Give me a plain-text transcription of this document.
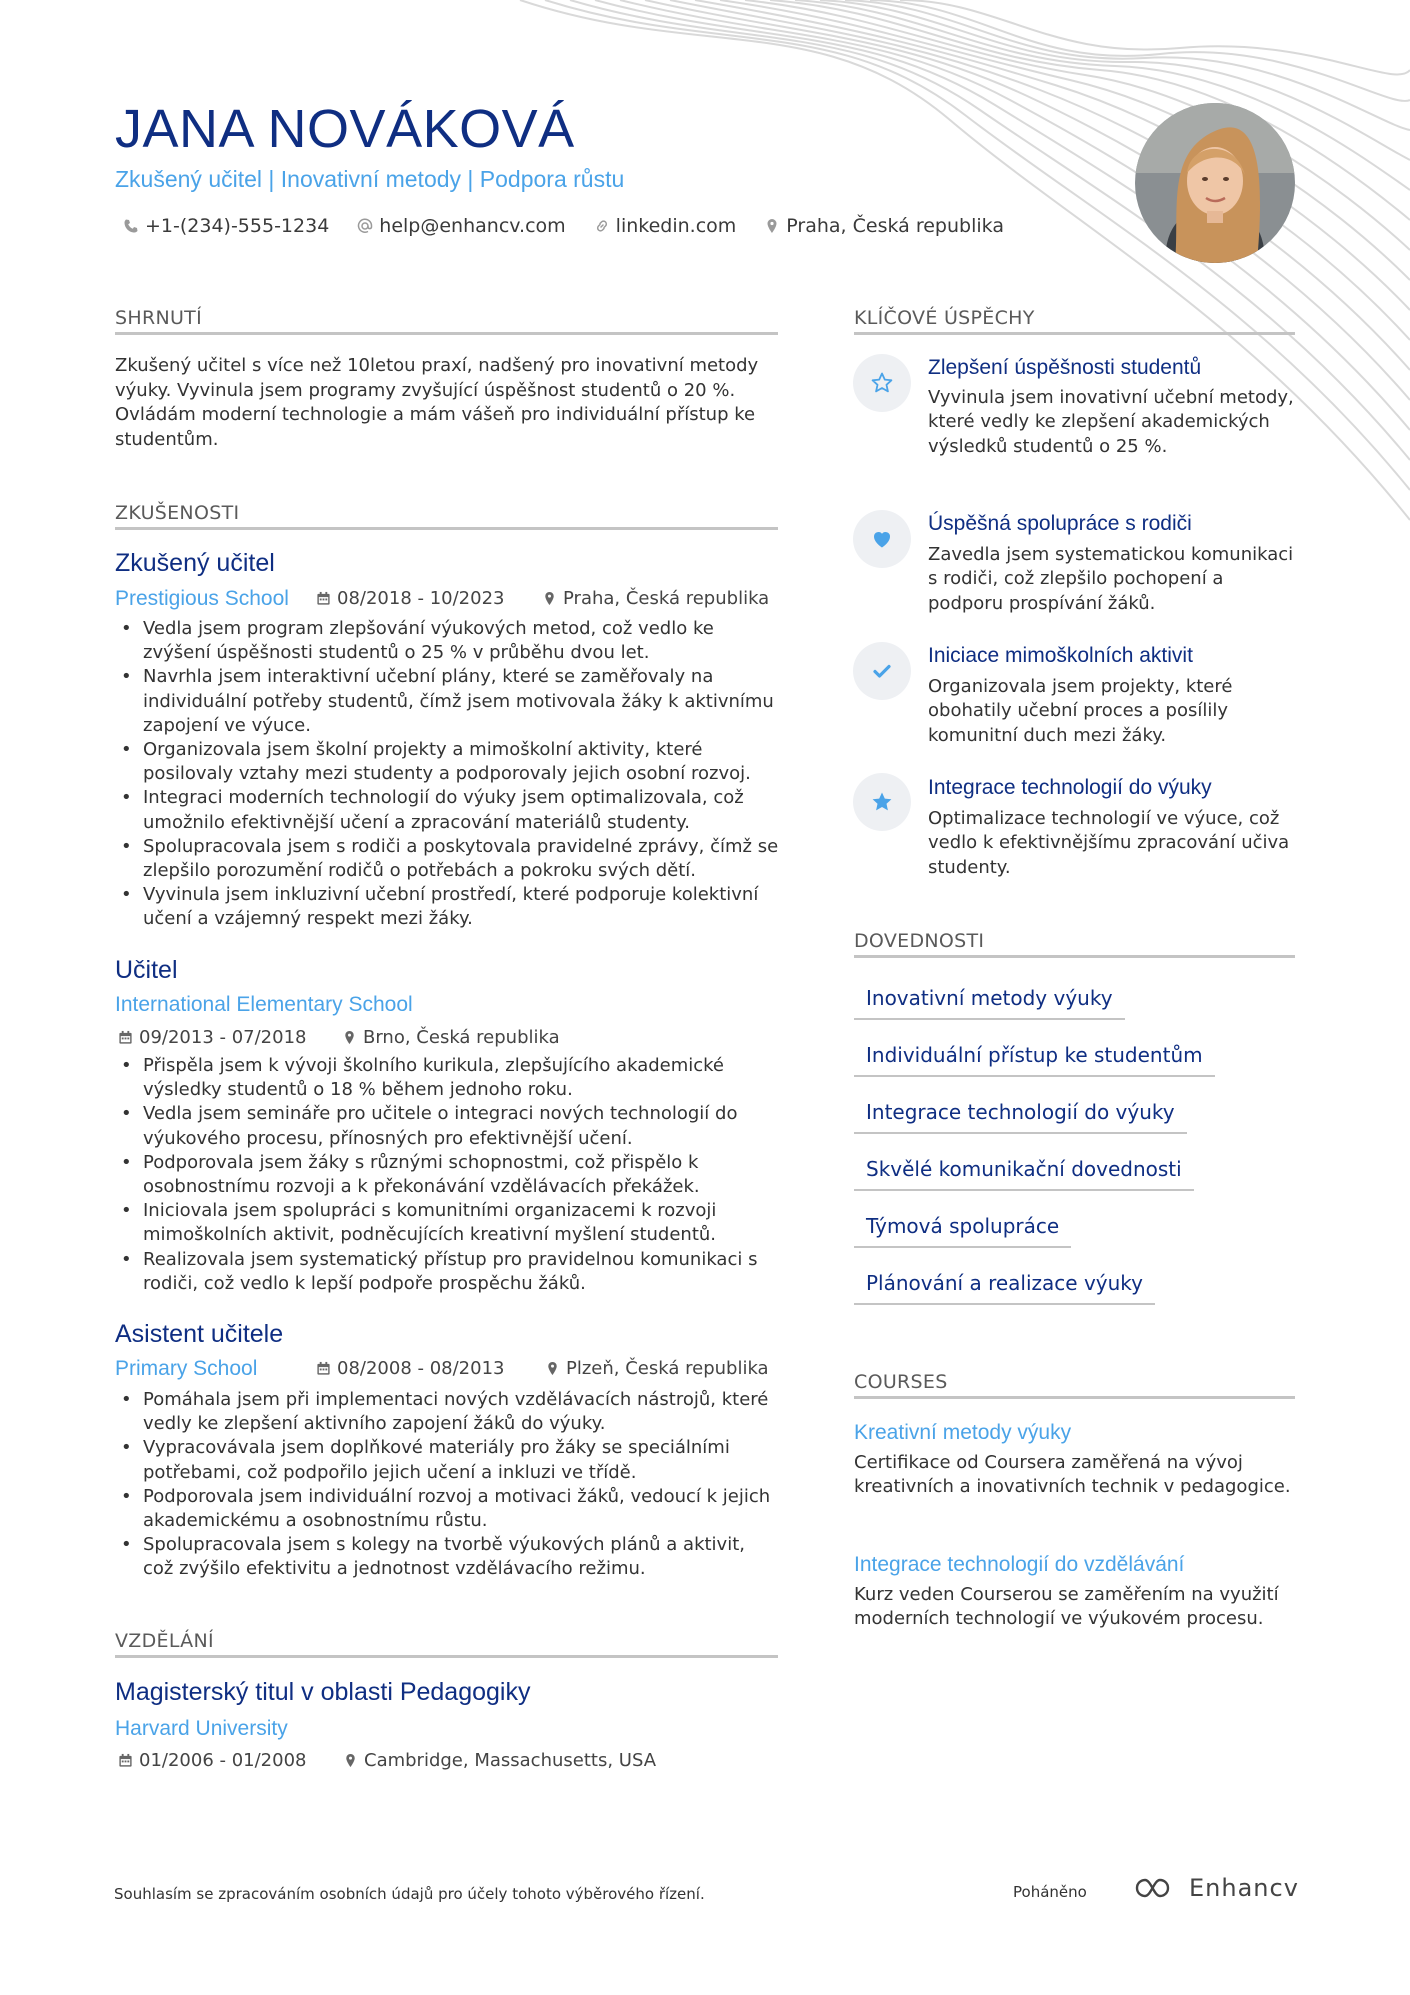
JANA NOVÁKOVÁ
Zkušený učitel | Inovativní metody | Podpora růstu
+1-(234)-555-1234	help@enhancv.com	linkedin.com	Praha, Česká republika
SHRNUTÍ
Zkušený učitel s více než 10letou praxí, nadšený pro inovativní metody výuky. Vyvinula jsem programy zvyšující úspěšnost studentů o 20 %. Ovládám moderní technologie a mám vášeň pro individuální přístup ke studentům.
ZKUŠENOSTI
Zkušený učitel
Prestigious School	08/2018 - 10/2023	Praha, Česká republika
• Vedla jsem program zlepšování výukových metod, což vedlo ke zvýšení úspěšnosti studentů o 25 % v průběhu dvou let.
• Navrhla jsem interaktivní učební plány, které se zaměřovaly na individuální potřeby studentů, čímž jsem motivovala žáky k aktivnímu zapojení ve výuce.
• Organizovala jsem školní projekty a mimoškolní aktivity, které posilovaly vztahy mezi studenty a podporovaly jejich osobní rozvoj.
• Integraci moderních technologií do výuky jsem optimalizovala, což umožnilo efektivnější učení a zpracování materiálů studenty.
• Spolupracovala jsem s rodiči a poskytovala pravidelné zprávy, čímž se zlepšilo porozumění rodičů o potřebách a pokroku svých dětí.
• Vyvinula jsem inkluzivní učební prostředí, které podporuje kolektivní učení a vzájemný respekt mezi žáky.
Učitel
International Elementary School
09/2013 - 07/2018	Brno, Česká republika
• Přispěla jsem k vývoji školního kurikula, zlepšujícího akademické výsledky studentů o 18 % během jednoho roku.
• Vedla jsem semináře pro učitele o integraci nových technologií do výukového procesu, přínosných pro efektivnější učení.
• Podporovala jsem žáky s různými schopnostmi, což přispělo k osobnostnímu rozvoji a k překonávání vzdělávacích překážek.
• Iniciovala jsem spolupráci s komunitními organizacemi k rozvoji mimoškolních aktivit, podněcujících kreativní myšlení studentů.
• Realizovala jsem systematický přístup pro pravidelnou komunikaci s rodiči, což vedlo k lepší podpoře prospěchu žáků.
Asistent učitele
Primary School	08/2008 - 08/2013	Plzeň, Česká republika
• Pomáhala jsem při implementaci nových vzdělávacích nástrojů, které vedly ke zlepšení aktivního zapojení žáků do výuky.
• Vypracovávala jsem doplňkové materiály pro žáky se speciálními potřebami, což podpořilo jejich učení a inkluzi ve třídě.
• Podporovala jsem individuální rozvoj a motivaci žáků, vedoucí k jejich akademickému a osobnostnímu růstu.
• Spolupracovala jsem s kolegy na tvorbě výukových plánů a aktivit, což zvýšilo efektivitu a jednotnost vzdělávacího režimu.
VZDĚLÁNÍ
Magisterský titul v oblasti Pedagogiky
Harvard University
01/2006 - 01/2008	Cambridge, Massachusetts, USA
KLÍČOVÉ ÚSPĚCHY
Zlepšení úspěšnosti studentů
Vyvinula jsem inovativní učební metody, které vedly ke zlepšení akademických výsledků studentů o 25 %.
Úspěšná spolupráce s rodiči
Zavedla jsem systematickou komunikaci s rodiči, což zlepšilo pochopení a podporu prospívání žáků.
Iniciace mimoškolních aktivit
Organizovala jsem projekty, které obohatily učební proces a posílily komunitní duch mezi žáky.
Integrace technologií do výuky
Optimalizace technologií ve výuce, což vedlo k efektivnějšímu zpracování učiva studenty.
DOVEDNOSTI
Inovativní metody výuky
Individuální přístup ke studentům
Integrace technologií do výuky
Skvělé komunikační dovednosti
Týmová spolupráce
Plánování a realizace výuky
COURSES
Kreativní metody výuky
Certifikace od Coursera zaměřená na vývoj kreativních a inovativních technik v pedagogice.
Integrace technologií do vzdělávání
Kurz veden Courserou se zaměřením na využití moderních technologií ve výukovém procesu.
Souhlasím se zpracováním osobních údajů pro účely tohoto výběrového řízení.	Poháněno	Enhancv
